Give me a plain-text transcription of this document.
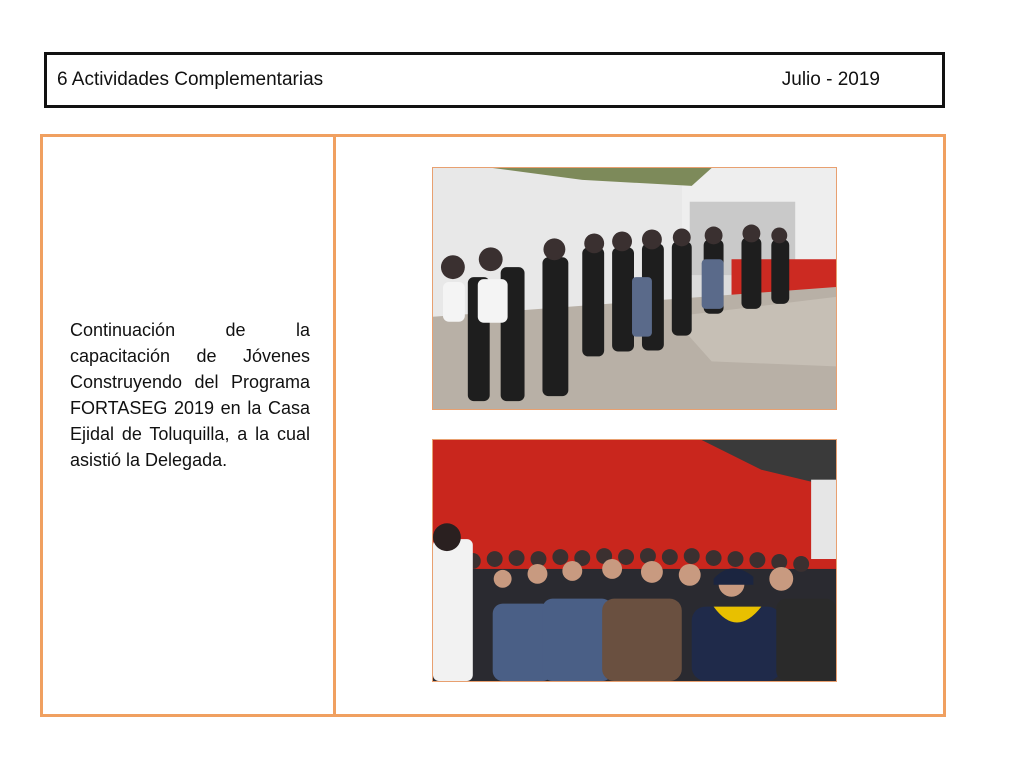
6 Actividades Complementarias	Julio - 2019

Continuación de la capacitación de Jóvenes Construyendo del Programa FORTASEG 2019 en la Casa Ejidal de Toluquilla, a la cual asistió la Delegada.
